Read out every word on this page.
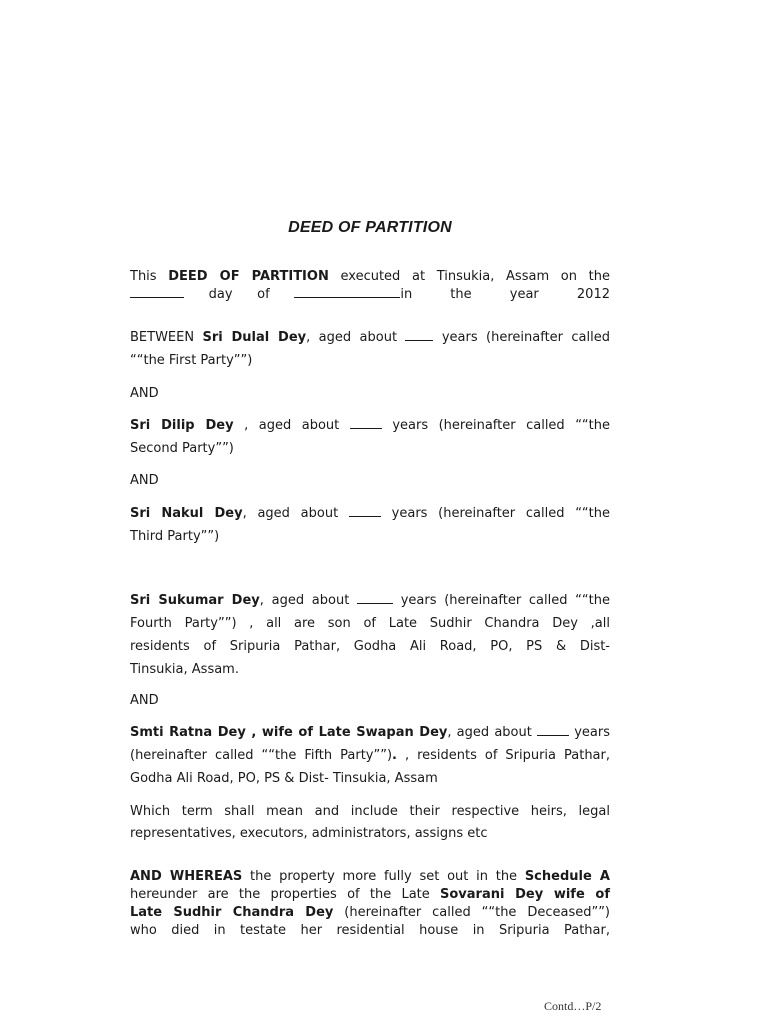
DEED OF PARTITION

This DEED OF PARTITION executed at Tinsukia, Assam on the

day of	in the year 2012

BETWEEN Sri Dulal Dey, aged about  years (hereinafter called

““the First Party””)

AND

Sri Dilip Dey , aged about  years (hereinafter called ““the

Second Party””)

AND

Sri Nakul Dey, aged about  years (hereinafter called ““the

Third Party””)

Sri Sukumar Dey, aged about	years (hereinafter called ““the

Fourth Party””) , all are son of Late Sudhir Chandra Dey ,all

residents of Sripuria Pathar, Godha Ali Road, PO, PS & Dist-

Tinsukia, Assam.

AND

Smti Ratna Dey , wife of Late Swapan Dey, aged about  years

(hereinafter called ““the Fifth Party””). , residents of Sripuria Pathar,

Godha Ali Road, PO, PS & Dist- Tinsukia, Assam

Which term shall mean and include their respective heirs, legal

representatives, executors, administrators, assigns etc

AND WHEREAS the property more fully set out in the Schedule A

hereunder are the properties of the Late Sovarani Dey wife of

Late Sudhir Chandra Dey (hereinafter called ““the Deceased””)

who died in testate her residential house in Sripuria Pathar,

Contd…P/2
